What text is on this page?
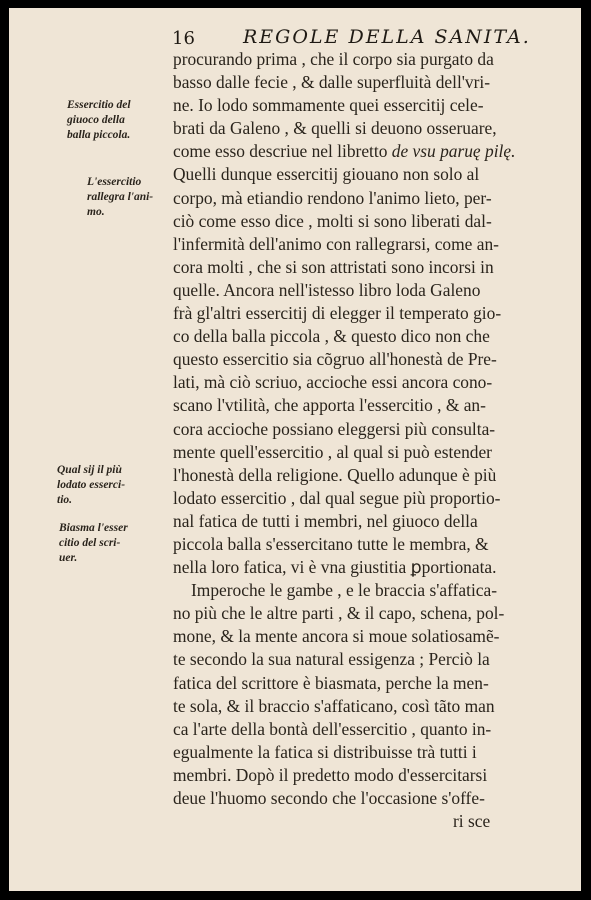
16	REGOLE DELLA SANITA.
procurando prima , che il corpo sia purgato da
basso dalle fecie , & dalle superfluità dell'vri-
ne. Io lodo sommamente quei essercitij cele-
brati da Galeno , & quelli si deuono osseruare,
come esso descriue nel libretto de vsu paruę pilę.
Quelli dunque essercitij giouano non solo al
corpo, mà etiandio rendono l'animo lieto, per-
ciò come esso dice , molti si sono liberati dal-
l'infermità dell'animo con rallegrarsi, come an-
cora molti , che si son attristati sono incorsi in
quelle. Ancora nell'istesso libro loda Galeno
frà gl'altri essercitij di elegger il temperato gio-
co della balla piccola , & questo dico non che
questo essercitio sia cõgruo all'honestà de Pre-
lati, mà ciò scriuo, accioche essi ancora cono-
scano l'vtilità, che apporta l'essercitio , & an-
cora accioche possiano eleggersi più consulta-
mente quell'essercitio , al qual si può estender
l'honestà della religione. Quello adunque è più
lodato essercitio , dal qual segue più proportio-
nal fatica de tutti i membri, nel giuoco della
piccola balla s'essercitano tutte le membra, &
nella loro fatica, vi è vna giustitia ꝑportionata.
Imperoche le gambe , e le braccia s'affatica-
no più che le altre parti , & il capo, schena, pol-
mone, & la mente ancora si moue solatiosamẽ-
te secondo la sua natural essigenza ; Perciò la
fatica del scrittore è biasmata, perche la men-
te sola, & il braccio s'affaticano, così tãto man
ca l'arte della bontà dell'essercitio , quanto in-
egualmente la fatica si distribuisse trà tutti i
membri. Dopò il predetto modo d'essercitarsi
deue l'huomo secondo che l'occasione s'offe-
ri sce
Essercitio del
giuoco della
balla piccola.
L'essercitio
rallegra l'ani-
mo.
Qual sij il più
lodato esserci-
tio.
Biasma l'esser
citio del scri-
uer.
